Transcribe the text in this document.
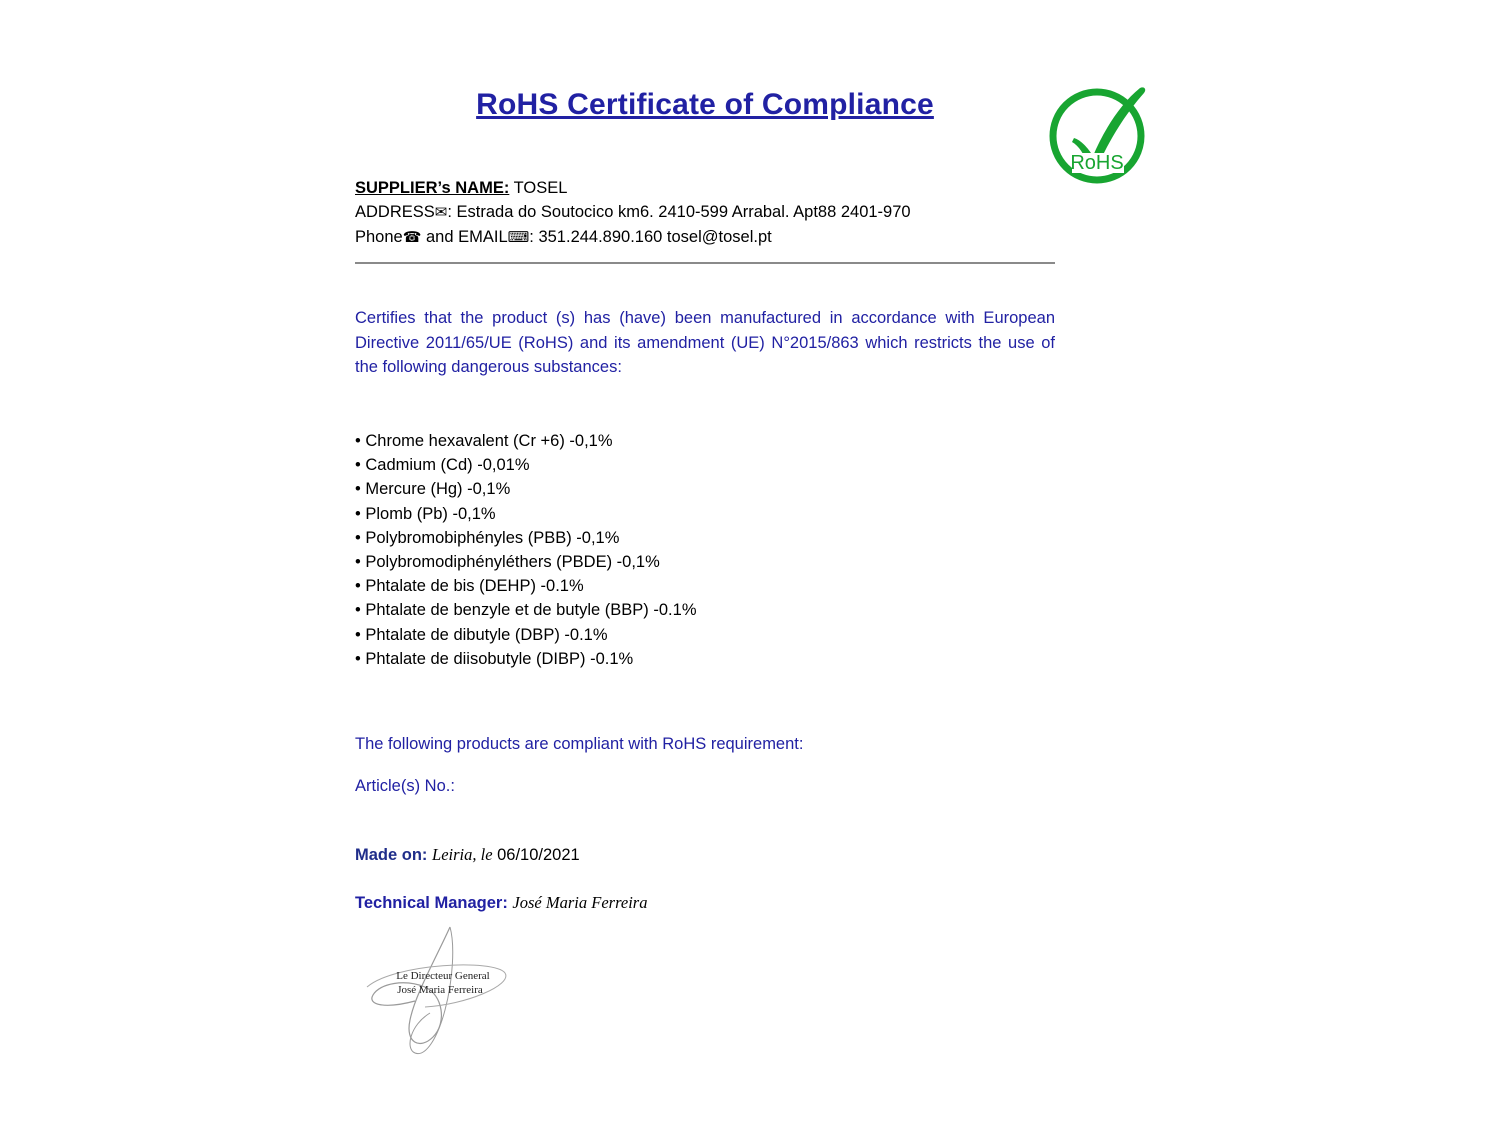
RoHS Certificate of Compliance
RoHS
SUPPLIER’s NAME: TOSEL
ADDRESS✉: Estrada do Soutocico km6. 2410-599 Arrabal. Apt88 2401-970
Phone☎ and EMAIL⌨: 351.244.890.160 tosel@tosel.pt

Certifies that the product (s) has (have) been manufactured in accordance with European Directive 2011/65/UE (RoHS) and its amendment (UE) N°2015/863 which restricts the use of the following dangerous substances:

• Chrome hexavalent (Cr +6) -0,1%
• Cadmium (Cd) -0,01%
• Mercure (Hg) -0,1%
• Plomb (Pb) -0,1%
• Polybromobiphényles (PBB) -0,1%
• Polybromodiphényléthers (PBDE) -0,1%
• Phtalate de bis (DEHP) -0.1%
• Phtalate de benzyle et de butyle (BBP) -0.1%
• Phtalate de dibutyle (DBP) -0.1%
• Phtalate de diisobutyle (DIBP) -0.1%

The following products are compliant with RoHS requirement:

Article(s) No.:

Made on: Leiria, le 06/10/2021

Technical Manager: José Maria Ferreira

Le Directeur General
José Maria Ferreira
